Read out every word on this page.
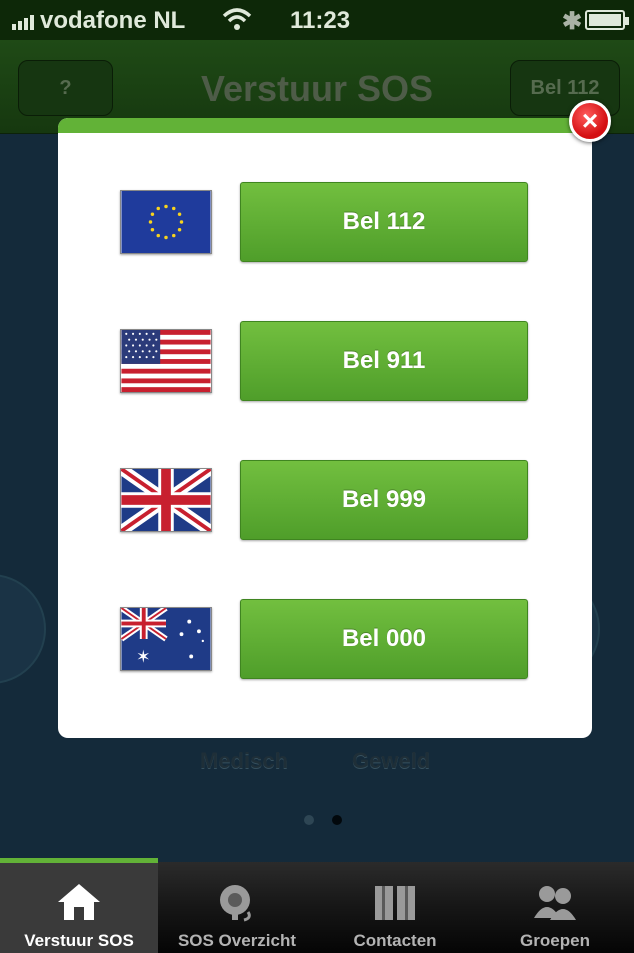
vodafone NL	11:23	✱
?	Verstuur SOS	Bel 112
Medisch	Geweld
Bel 112
Bel 911
Bel 999
✶
Bel 000
×
Verstuur SOS	SOS Overzicht	Contacten	Groepen
